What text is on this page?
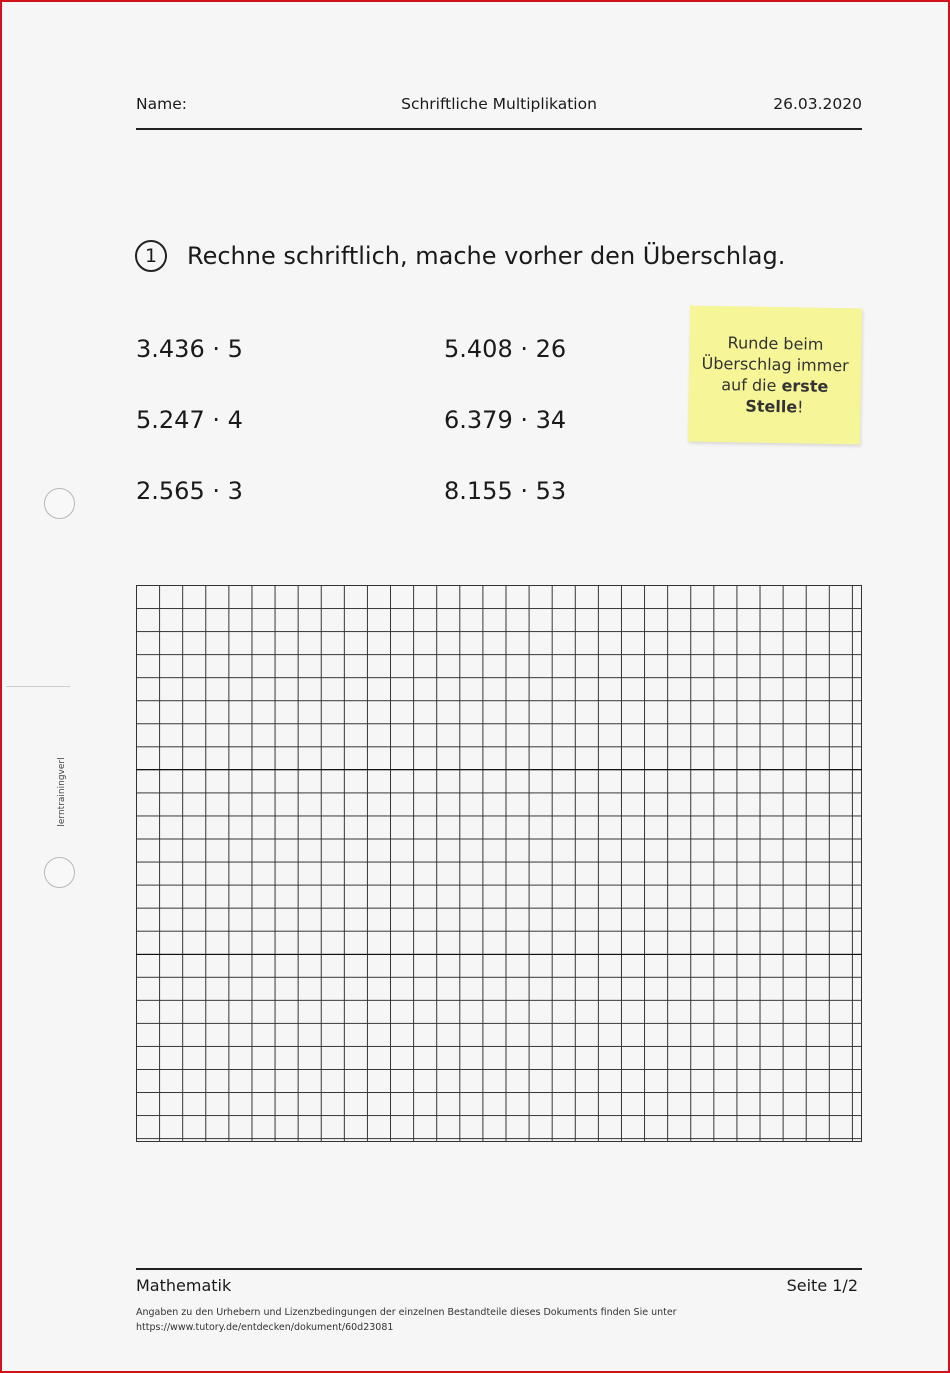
Name:	Schriftliche Multiplikation	26.03.2020
1	Rechne schriftlich, mache vorher den Überschlag.
3.436 · 5
5.247 · 4
2.565 · 3
5.408 · 26
6.379 · 34
8.155 · 53
Runde beim
Überschlag immer
auf die erste
Stelle!
lerntrainingverl
Mathematik	Seite 1/2
Angaben zu den Urhebern und Lizenzbedingungen der einzelnen Bestandteile dieses Dokuments finden Sie unter
https://www.tutory.de/entdecken/dokument/60d23081
